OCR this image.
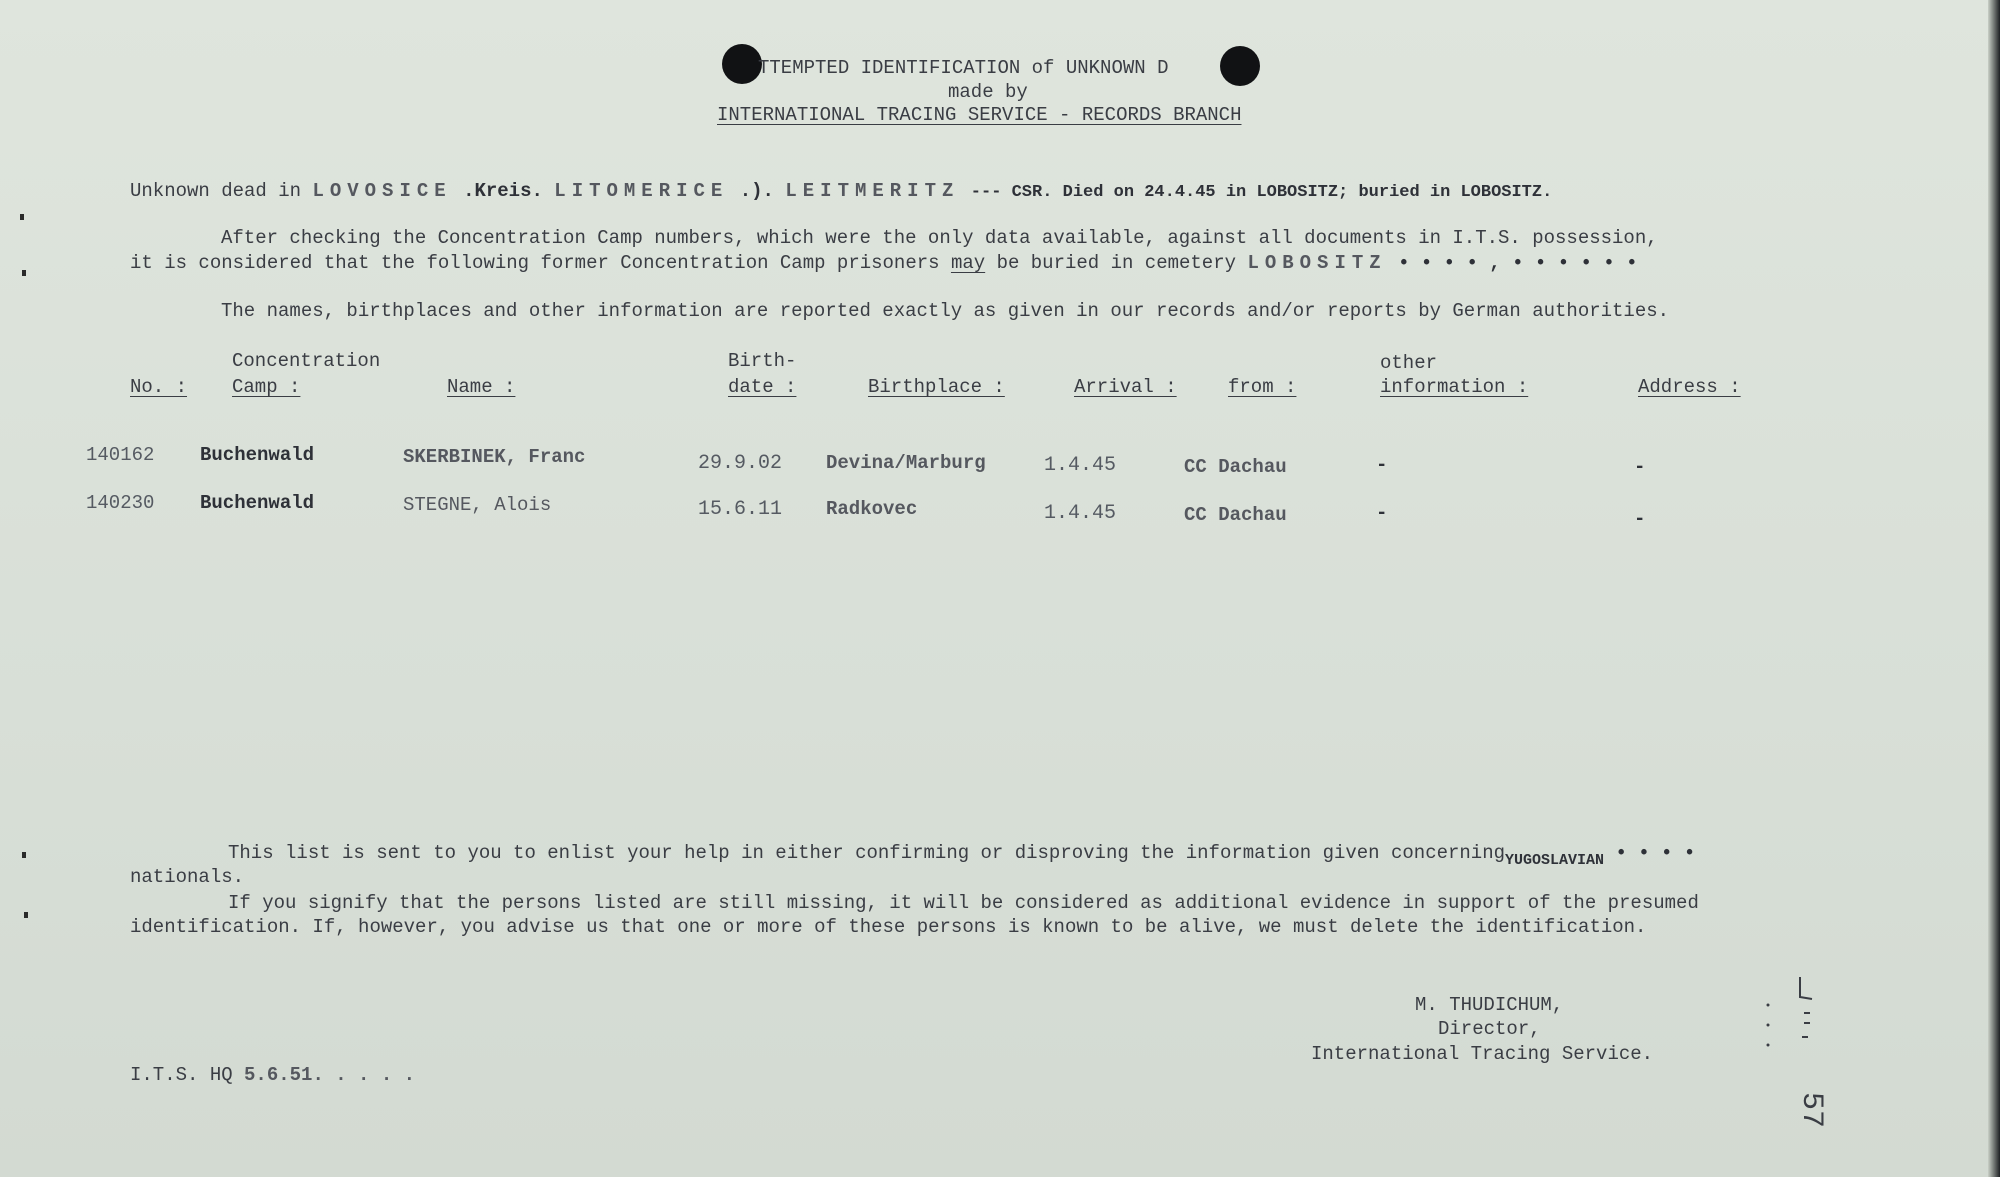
TTEMPTED IDENTIFICATION of UNKNOWN D
made by
INTERNATIONAL TRACING SERVICE - RECORDS BRANCH
Unknown dead in LOVOSICE .Kreis. LITOMERICE .). LEITMERITZ --- CSR. Died on 24.4.45 in LOBOSITZ; buried in LOBOSITZ.
After checking the Concentration Camp numbers, which were the only data available, against all documents in I.T.S. possession,
it is considered that the following former Concentration Camp prisoners may be buried in cemetery LOBOSITZ • • • • , • • • • • •
The names, birthplaces and other information are reported exactly as given in our records and/or reports by German authorities.
Concentration	Birth-	other
No. : Camp :	Name :	date :	Birthplace :	Arrival :	from :	information :	Address :
140162 Buchenwald	SKERBINEK, Franc	29.9.02 Devina/Marburg	1.4.45	CC Dachau	-	-
140230 Buchenwald	STEGNE, Alois	15.6.11 Radkovec	1.4.45	CC Dachau	-	-
This list is sent to you to enlist your help in either confirming or disproving the information given concerning$_{YUGOSLAVIAN}$ • • • •
nationals.
If you signify that the persons listed are still missing, it will be considered as additional evidence in support of the presumed
identification. If, however, you advise us that one or more of these persons is known to be alive, we must delete the identification.
M. THUDICHUM,
Director,
International Tracing Service.
I.T.S. HQ 5.6.51. . . . .
57
